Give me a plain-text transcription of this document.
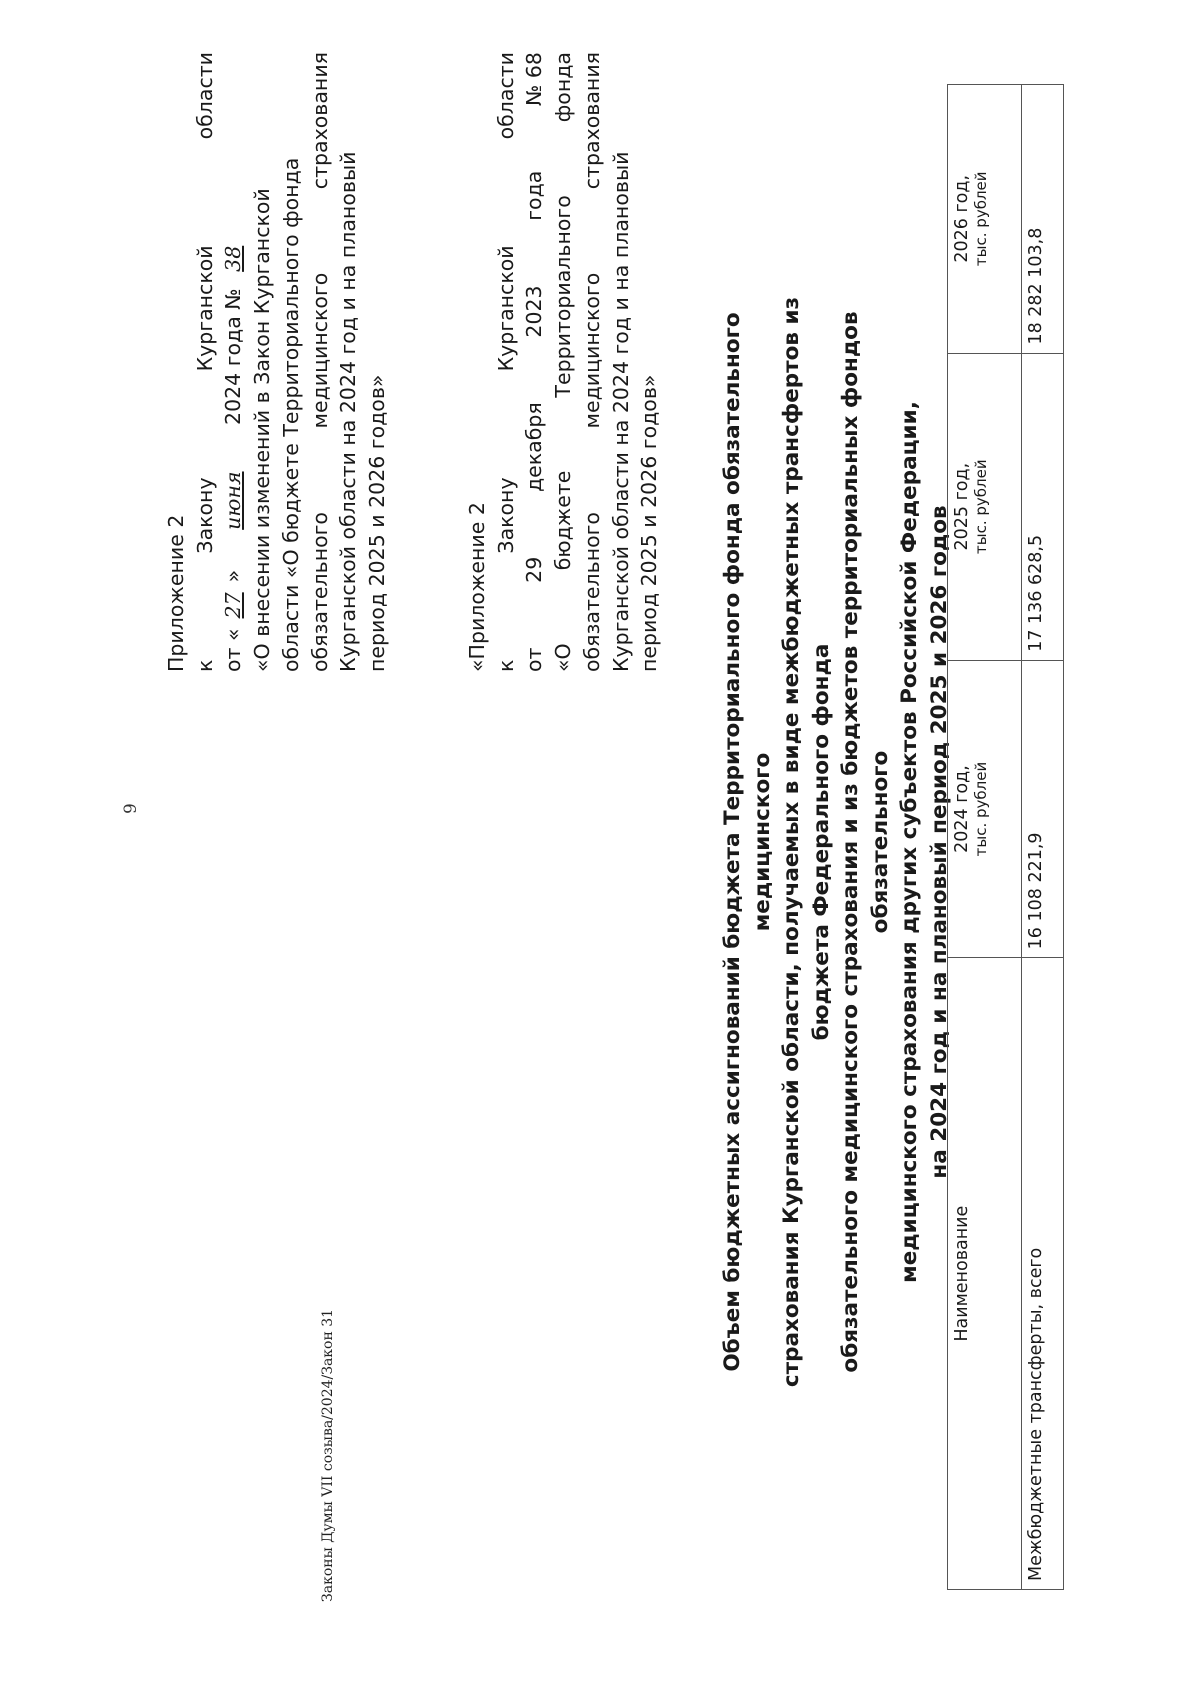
9
Законы Думы VII созыва/2024/Закон 31

Приложение 2 к
Закону
Курганской
области

от «27»июня 2024 года № 38 «О внесении изменений в Закон Курганской области «О бюджете Территориального фонда обязательного
медицинского
страхования

Курганской области на 2024 год и на плановый период 2025 и 2026 годов»	«Приложение 2 к
Закону
Курганской
области

от
29
декабря
2023
года
№ 68

«О
бюджете
Территориального
фонда

обязательного
медицинского
страхования

Курганской области на 2024 год и на плановый период 2025 и 2026 годов»	Объем бюджетных ассигнований бюджета Территориального фонда обязательного медицинского страхования Курганской области, получаемых в виде межбюджетных трансфертов из бюджета Федерального фонда обязательного медицинского страхования и из бюджетов территориальных фондов обязательного медицинского страхования других субъектов Российской Федерации, на 2024 год и на плановый период 2025 и 2026 годов

Наименование	2024 год, тыс. рублей	2025 год, тыс. рублей	2026 год, тыс. рублей

Межбюджетные трансферты, всего	16 108 221,9	17 136 628,5	18 282 103,8
